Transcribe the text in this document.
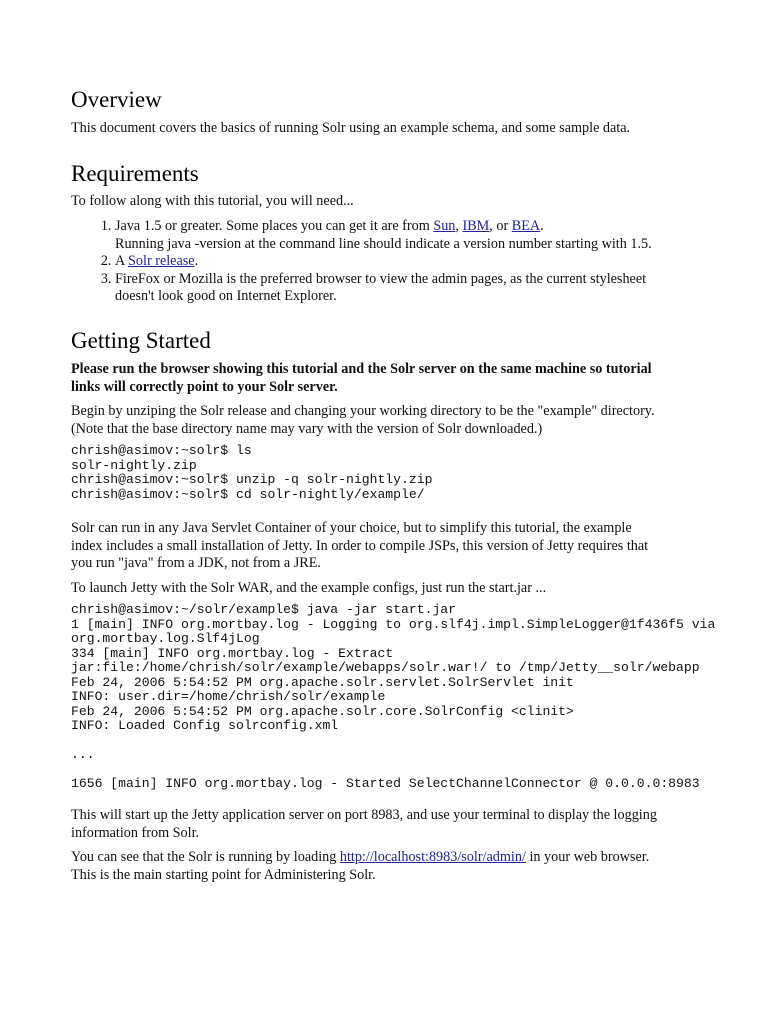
Overview

This document covers the basics of running Solr using an example schema, and some sample data.

Requirements

To follow along with this tutorial, you will need...

1. Java 1.5 or greater. Some places you can get it are from Sun, IBM, or BEA.
Running java -version at the command line should indicate a version number starting with 1.5.
2. A Solr release.
3. FireFox or Mozilla is the preferred browser to view the admin pages, as the current stylesheet
doesn't look good on Internet Explorer.
Getting Started

Please run the browser showing this tutorial and the Solr server on the same machine so tutorial
links will correctly point to your Solr server.

Begin by unziping the Solr release and changing your working directory to be the "example" directory.
(Note that the base directory name may vary with the version of Solr downloaded.)

chrish@asimov:~solr$ ls
solr-nightly.zip
chrish@asimov:~solr$ unzip -q solr-nightly.zip
chrish@asimov:~solr$ cd solr-nightly/example/

Solr can run in any Java Servlet Container of your choice, but to simplify this tutorial, the example
index includes a small installation of Jetty. In order to compile JSPs, this version of Jetty requires that
you run "java" from a JDK, not from a JRE.

To launch Jetty with the Solr WAR, and the example configs, just run the start.jar ...

chrish@asimov:~/solr/example$ java -jar start.jar
1 [main] INFO org.mortbay.log - Logging to org.slf4j.impl.SimpleLogger@1f436f5 via
org.mortbay.log.Slf4jLog
334 [main] INFO org.mortbay.log - Extract
jar:file:/home/chrish/solr/example/webapps/solr.war!/ to /tmp/Jetty__solr/webapp
Feb 24, 2006 5:54:52 PM org.apache.solr.servlet.SolrServlet init
INFO: user.dir=/home/chrish/solr/example
Feb 24, 2006 5:54:52 PM org.apache.solr.core.SolrConfig <clinit>
INFO: Loaded Config solrconfig.xml

...

1656 [main] INFO org.mortbay.log - Started SelectChannelConnector @ 0.0.0.0:8983

This will start up the Jetty application server on port 8983, and use your terminal to display the logging
information from Solr.

You can see that the Solr is running by loading http://localhost:8983/solr/admin/ in your web browser.
This is the main starting point for Administering Solr.
